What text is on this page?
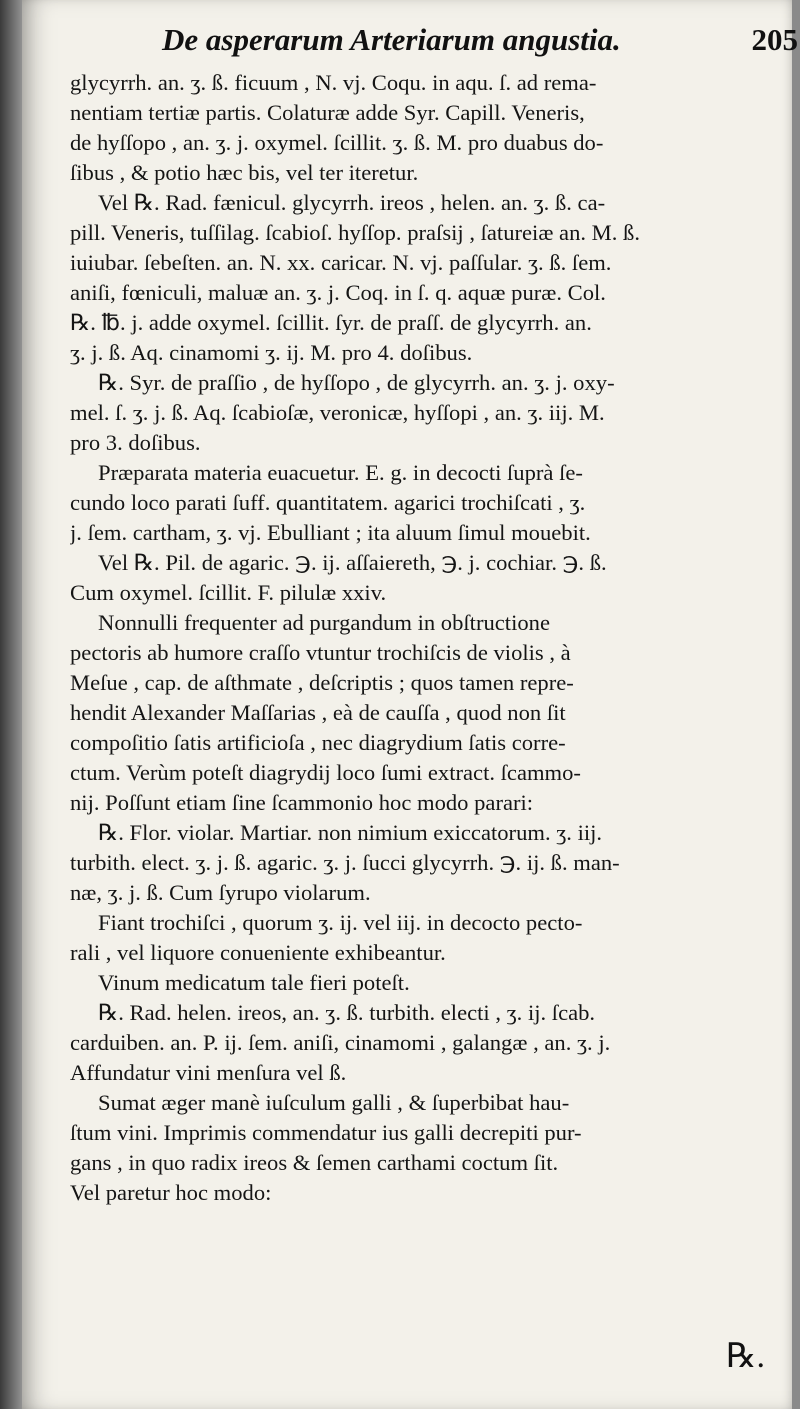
De asperarum Arteriarum angustia.	205
glycyrrh. an. ʒ. ß. ficuum , N. vj. Coqu. in aqu. ſ. ad rema-
nentiam tertiæ partis. Colaturæ adde Syr. Capill. Veneris,
de hyſſopo , an. ʒ. j. oxymel. ſcillit. ʒ. ß. M. pro duabus do-
ſibus , & potio hæc bis, vel ter iteretur.
Vel ℞. Rad. fænicul. glycyrrh. ireos , helen. an. ʒ. ß. ca-
pill. Veneris, tuſſilag. ſcabioſ. hyſſop. praſsij , ſatureiæ an. M. ß.
iuiubar. ſebeſten. an. N. xx. caricar. N. vj. paſſular. ʒ. ß. ſem.
aniſi, fœniculi, maluæ an. ʒ. j. Coq. in ſ. q. aquæ puræ. Col.
℞. ℔. j. adde oxymel. ſcillit. ſyr. de praſſ. de glycyrrh. an.
ʒ. j. ß. Aq. cinamomi ʒ. ij. M. pro 4. doſibus.
℞. Syr. de praſſio , de hyſſopo , de glycyrrh. an. ʒ. j. oxy-
mel. ſ. ʒ. j. ß. Aq. ſcabioſæ, veronicæ, hyſſopi , an. ʒ. iij. M.
pro 3. doſibus.
Præparata materia euacuetur. E. g. in decocti ſuprà ſe-
cundo loco parati ſuff. quantitatem. agarici trochiſcati , ʒ.
j. ſem. cartham, ʒ. vj. Ebulliant ; ita aluum ſimul mouebit.
Vel ℞. Pil. de agaric. ℈. ij. aſſaiereth, ℈. j. cochiar. ℈. ß.
Cum oxymel. ſcillit. F. pilulæ xxiv.
Nonnulli frequenter ad purgandum in obſtructione
pectoris ab humore craſſo vtuntur trochiſcis de violis , à
Meſue , cap. de aſthmate , deſcriptis ; quos tamen repre-
hendit Alexander Maſſarias , eà de cauſſa , quod non ſit
compoſitio ſatis artificioſa , nec diagrydium ſatis corre-
ctum. Verùm poteſt diagrydij loco ſumi extract. ſcammo-
nij. Poſſunt etiam ſine ſcammonio hoc modo parari:
℞. Flor. violar. Martiar. non nimium exiccatorum. ʒ. iij.
turbith. elect. ʒ. j. ß. agaric. ʒ. j. ſucci glycyrrh. ℈. ij. ß. man-
næ, ʒ. j. ß. Cum ſyrupo violarum.
Fiant trochiſci , quorum ʒ. ij. vel iij. in decocto pecto-
rali , vel liquore conueniente exhibeantur.
Vinum medicatum tale fieri poteſt.
℞. Rad. helen. ireos, an. ʒ. ß. turbith. electi , ʒ. ij. ſcab.
carduiben. an. P. ij. ſem. aniſi, cinamomi , galangæ , an. ʒ. j.
Affundatur vini menſura vel ß.
Sumat æger manè iuſculum galli , & ſuperbibat hau-
ſtum vini. Imprimis commendatur ius galli decrepiti pur-
gans , in quo radix ireos & ſemen carthami coctum ſit.
Vel paretur hoc modo:
℞.
